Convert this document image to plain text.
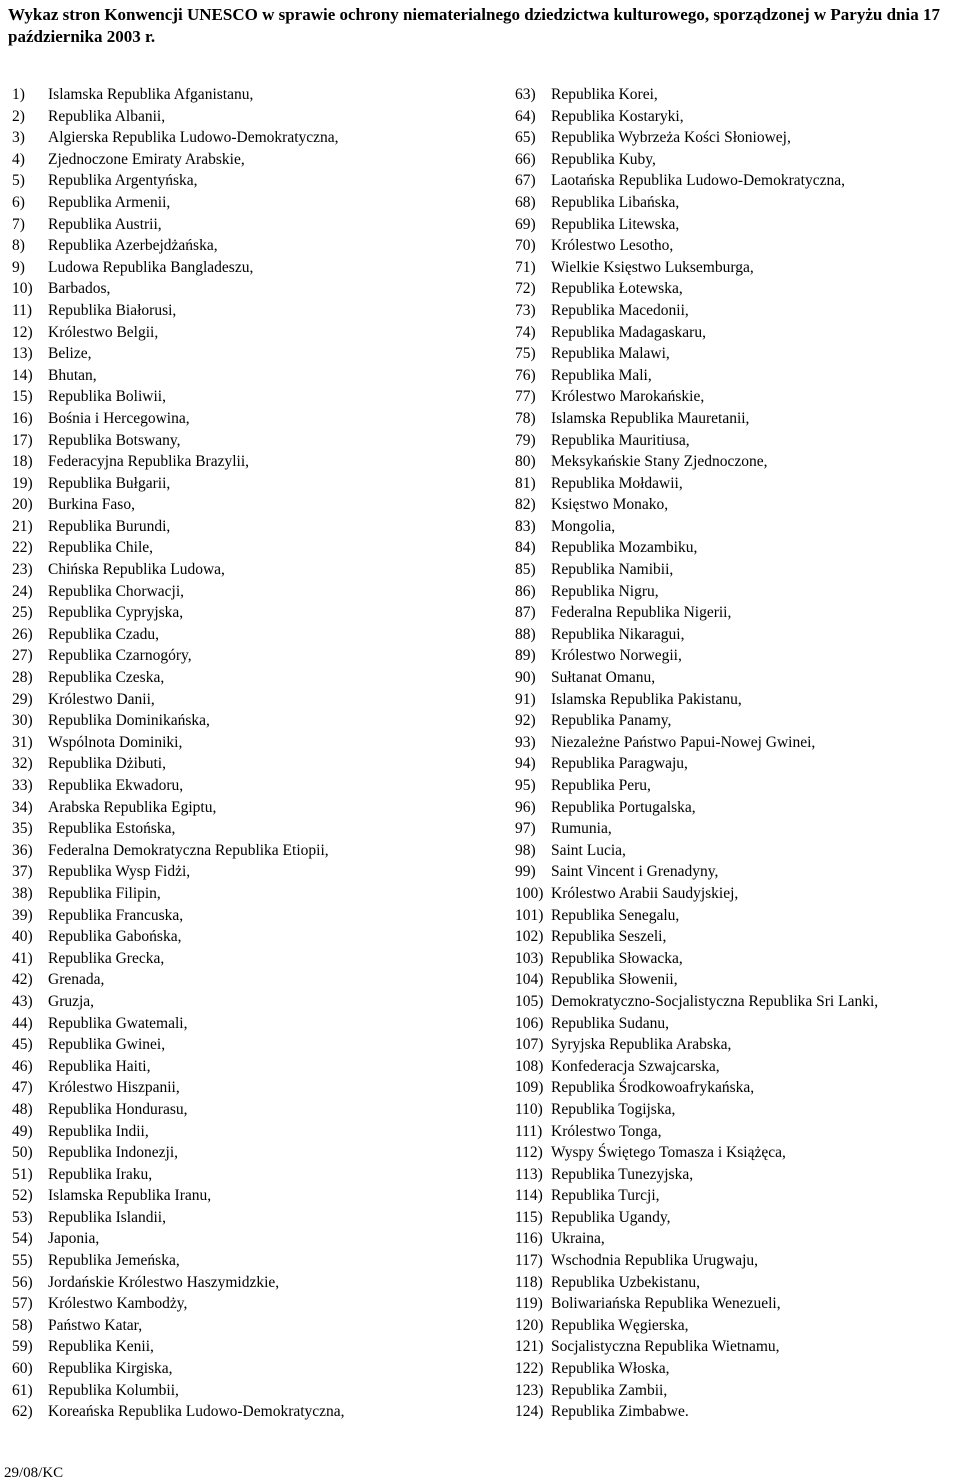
Wykaz stron Konwencji UNESCO w sprawie ochrony niematerialnego dziedzictwa kulturowego, sporządzonej w Paryżu dnia 17 października 2003 r.
1) Islamska Republika Afganistanu,
2) Republika Albanii,
3) Algierska Republika Ludowo-Demokratyczna,
4) Zjednoczone Emiraty Arabskie,
5) Republika Argentyńska,
6) Republika Armenii,
7) Republika Austrii,
8) Republika Azerbejdżańska,
9) Ludowa Republika Bangladeszu,
10) Barbados,
11) Republika Białorusi,
12) Królestwo Belgii,
13) Belize,
14) Bhutan,
15) Republika Boliwii,
16) Bośnia i Hercegowina,
17) Republika Botswany,
18) Federacyjna Republika Brazylii,
19) Republika Bułgarii,
20) Burkina Faso,
21) Republika Burundi,
22) Republika Chile,
23) Chińska Republika Ludowa,
24) Republika Chorwacji,
25) Republika Cypryjska,
26) Republika Czadu,
27) Republika Czarnogóry,
28) Republika Czeska,
29) Królestwo Danii,
30) Republika Dominikańska,
31) Wspólnota Dominiki,
32) Republika Dżibuti,
33) Republika Ekwadoru,
34) Arabska Republika Egiptu,
35) Republika Estońska,
36) Federalna Demokratyczna Republika Etiopii,
37) Republika Wysp Fidżi,
38) Republika Filipin,
39) Republika Francuska,
40) Republika Gabońska,
41) Republika Grecka,
42) Grenada,
43) Gruzja,
44) Republika Gwatemali,
45) Republika Gwinei,
46) Republika Haiti,
47) Królestwo Hiszpanii,
48) Republika Hondurasu,
49) Republika Indii,
50) Republika Indonezji,
51) Republika Iraku,
52) Islamska Republika Iranu,
53) Republika Islandii,
54) Japonia,
55) Republika Jemeńska,
56) Jordańskie Królestwo Haszymidzkie,
57) Królestwo Kambodży,
58) Państwo Katar,
59) Republika Kenii,
60) Republika Kirgiska,
61) Republika Kolumbii,
62) Koreańska Republika Ludowo-Demokratyczna,
63) Republika Korei,
64) Republika Kostaryki,
65) Republika Wybrzeża Kości Słoniowej,
66) Republika Kuby,
67) Laotańska Republika Ludowo-Demokratyczna,
68) Republika Libańska,
69) Republika Litewska,
70) Królestwo Lesotho,
71) Wielkie Księstwo Luksemburga,
72) Republika Łotewska,
73) Republika Macedonii,
74) Republika Madagaskaru,
75) Republika Malawi,
76) Republika Mali,
77) Królestwo Marokańskie,
78) Islamska Republika Mauretanii,
79) Republika Mauritiusa,
80) Meksykańskie Stany Zjednoczone,
81) Republika Mołdawii,
82) Księstwo Monako,
83) Mongolia,
84) Republika Mozambiku,
85) Republika Namibii,
86) Republika Nigru,
87) Federalna Republika Nigerii,
88) Republika Nikaragui,
89) Królestwo Norwegii,
90) Sułtanat Omanu,
91) Islamska Republika Pakistanu,
92) Republika Panamy,
93) Niezależne Państwo Papui-Nowej Gwinei,
94) Republika Paragwaju,
95) Republika Peru,
96) Republika Portugalska,
97) Rumunia,
98) Saint Lucia,
99) Saint Vincent i Grenadyny,
100) Królestwo Arabii Saudyjskiej,
101) Republika Senegalu,
102) Republika Seszeli,
103) Republika Słowacka,
104) Republika Słowenii,
105) Demokratyczno-Socjalistyczna Republika Sri Lanki,
106) Republika Sudanu,
107) Syryjska Republika Arabska,
108) Konfederacja Szwajcarska,
109) Republika Środkowoafrykańska,
110) Republika Togijska,
111) Królestwo Tonga,
112) Wyspy Świętego Tomasza i Książęca,
113) Republika Tunezyjska,
114) Republika Turcji,
115) Republika Ugandy,
116) Ukraina,
117) Wschodnia Republika Urugwaju,
118) Republika Uzbekistanu,
119) Boliwariańska Republika Wenezueli,
120) Republika Węgierska,
121) Socjalistyczna Republika Wietnamu,
122) Republika Włoska,
123) Republika Zambii,
124) Republika Zimbabwe.
29/08/KC
